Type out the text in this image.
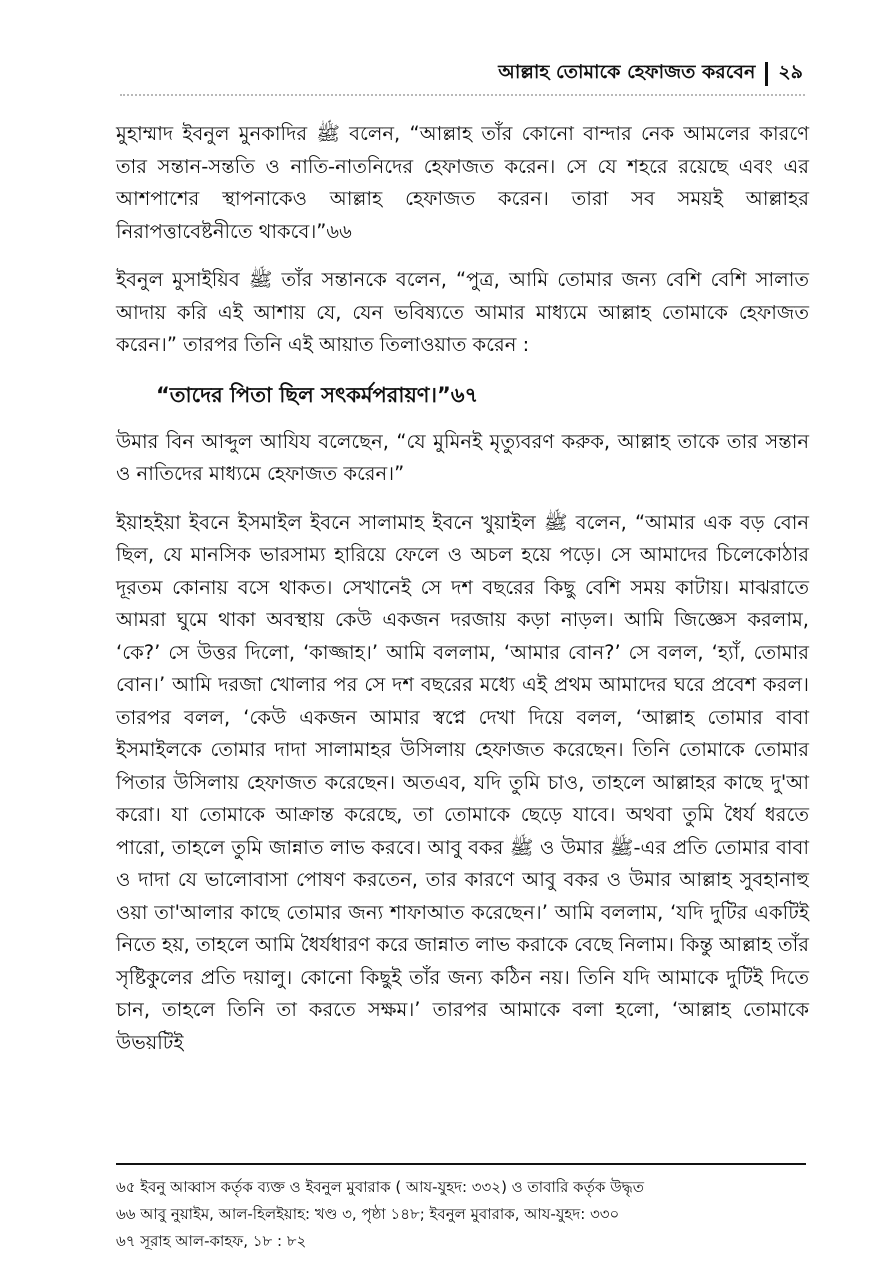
আল্লাহ তোমাকে হেফাজত করবেন ২৯

মুহাম্মাদ ইবনুল মুনকাদির ﷺ বলেন, “আল্লাহ তাঁর কোনো বান্দার নেক আমলের কারণে তার সন্তান-সন্ততি ও নাতি-নাতনিদের হেফাজত করেন। সে যে শহরে রয়েছে এবং এর আশপাশের স্থাপনাকেও আল্লাহ হেফাজত করেন। তারা সব সময়ই আল্লাহর নিরাপত্তাবেষ্টনীতে থাকবে।”৬৬

ইবনুল মুসাইয়িব ﷺ তাঁর সন্তানকে বলেন, “পুত্র, আমি তোমার জন্য বেশি বেশি সালাত আদায় করি এই আশায় যে, যেন ভবিষ্যতে আমার মাধ্যমে আল্লাহ তোমাকে হেফাজত করেন।” তারপর তিনি এই আয়াত তিলাওয়াত করেন :

“তাদের পিতা ছিল সৎকর্মপরায়ণ।”৬৭

উমার বিন আব্দুল আযিয বলেছেন, “যে মুমিনই মৃত্যুবরণ করুক, আল্লাহ তাকে তার সন্তান ও নাতিদের মাধ্যমে হেফাজত করেন।”

ইয়াহইয়া ইবনে ইসমাইল ইবনে সালামাহ ইবনে খুয়াইল ﷺ বলেন, “আমার এক বড় বোন ছিল, যে মানসিক ভারসাম্য হারিয়ে ফেলে ও অচল হয়ে পড়ে। সে আমাদের চিলেকোঠার দূরতম কোনায় বসে থাকত। সেখানেই সে দশ বছরের কিছু বেশি সময় কাটায়। মাঝরাতে আমরা ঘুমে থাকা অবস্থায় কেউ একজন দরজায় কড়া নাড়ল। আমি জিজ্ঞেস করলাম, ‘কে?’ সে উত্তর দিলো, ‘কাজ্জাহ।’ আমি বললাম, ‘আমার বোন?’ সে বলল, ‘হ্যাঁ, তোমার বোন।’ আমি দরজা খোলার পর সে দশ বছরের মধ্যে এই প্রথম আমাদের ঘরে প্রবেশ করল। তারপর বলল, ‘কেউ একজন আমার স্বপ্নে দেখা দিয়ে বলল, ‘আল্লাহ তোমার বাবা ইসমাইলকে তোমার দাদা সালামাহর উসিলায় হেফাজত করেছেন। তিনি তোমাকে তোমার পিতার উসিলায় হেফাজত করেছেন। অতএব, যদি তুমি চাও, তাহলে আল্লাহর কাছে দু'আ করো। যা তোমাকে আক্রান্ত করেছে, তা তোমাকে ছেড়ে যাবে। অথবা তুমি ধৈর্য ধরতে পারো, তাহলে তুমি জান্নাত লাভ করবে। আবু বকর ﷺ ও উমার ﷺ-এর প্রতি তোমার বাবা ও দাদা যে ভালোবাসা পোষণ করতেন, তার কারণে আবু বকর ও উমার আল্লাহ সুবহানাহু ওয়া তা'আলার কাছে তোমার জন্য শাফাআত করেছেন।’ আমি বললাম, ‘যদি দুটির একটিই নিতে হয়, তাহলে আমি ধৈর্যধারণ করে জান্নাত লাভ করাকে বেছে নিলাম। কিন্তু আল্লাহ তাঁর সৃষ্টিকুলের প্রতি দয়ালু। কোনো কিছুই তাঁর জন্য কঠিন নয়। তিনি যদি আমাকে দুটিই দিতে চান, তাহলে তিনি তা করতে সক্ষম।’ তারপর আমাকে বলা হলো, ‘আল্লাহ তোমাকে উভয়টিই

৬৫ ইবনু আব্বাস কর্তৃক ব্যক্ত ও ইবনুল মুবারাক ( আয-যুহদ: ৩৩২) ও তাবারি কর্তৃক উদ্ধৃত
৬৬ আবু নুয়াইম, আল-হিলইয়াহ: খণ্ড ৩, পৃষ্ঠা ১৪৮; ইবনুল মুবারাক, আয-যুহদ: ৩৩০
৬৭ সূরাহ আল-কাহফ, ১৮ : ৮২
